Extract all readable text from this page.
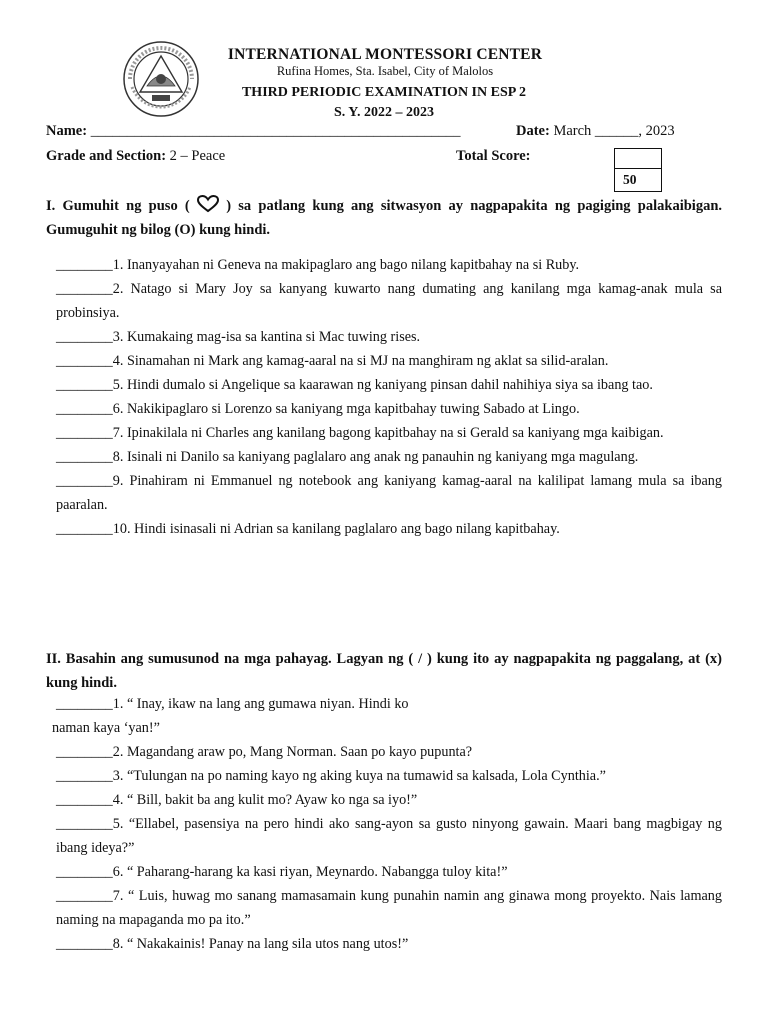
INTERNATIONAL MONTESSORI CENTER
Rufina Homes, Sta. Isabel, City of Malolos
THIRD PERIODIC EXAMINATION IN ESP 2
S. Y. 2022 – 2023
Name: ___________________________________________________	Date: March ______, 2023
Grade and Section: 2 – Peace	Total Score:
50
I. Gumuhit ng puso (	) sa patlang kung ang sitwasyon ay nagpapakita ng pagiging palakaibigan. Gumuguhit ng bilog (O) kung hindi.
________1. Inanyayahan ni Geneva na makipaglaro ang bago nilang kapitbahay na si Ruby.
________2. Natago si Mary Joy sa kanyang kuwarto nang dumating ang kanilang mga kamag-anak mula sa probinsiya.
________3. Kumakaing mag-isa sa kantina si Mac tuwing rises.
________4. Sinamahan ni Mark ang kamag-aaral na si MJ na manghiram ng aklat sa silid-aralan.
________5. Hindi dumalo si Angelique sa kaarawan ng kaniyang pinsan dahil nahihiya siya sa ibang tao.
________6. Nakikipaglaro si Lorenzo sa kaniyang mga kapitbahay tuwing Sabado at Lingo.
________7. Ipinakilala ni Charles ang kanilang bagong kapitbahay na si Gerald sa kaniyang mga kaibigan.
________8. Isinali ni Danilo sa kaniyang paglalaro ang anak ng panauhin ng kaniyang mga magulang.
________9. Pinahiram ni Emmanuel ng notebook ang kaniyang kamag-aaral na kalilipat lamang mula sa ibang paaralan.
________10. Hindi isinasali ni Adrian sa kanilang paglalaro ang bago nilang kapitbahay.
II. Basahin ang sumusunod na mga pahayag. Lagyan ng ( / ) kung ito ay nagpapakita ng paggalang, at (x) kung hindi.
________1. “ Inay, ikaw na lang ang gumawa niyan. Hindi ko
naman kaya ‘yan!”
________2. Magandang araw po, Mang Norman. Saan po kayo pupunta?
________3. “Tulungan na po naming kayo ng aking kuya na tumawid sa kalsada, Lola Cynthia.”
________4. “ Bill, bakit ba ang kulit mo? Ayaw ko nga sa iyo!”
________5. “Ellabel, pasensiya na pero hindi ako sang-ayon sa gusto ninyong gawain. Maari bang magbigay ng ibang ideya?”
________6. “ Paharang-harang ka kasi riyan, Meynardo. Nabangga tuloy kita!”
________7. “ Luis, huwag mo sanang mamasamain kung punahin namin ang ginawa mong proyekto. Nais lamang naming na mapaganda mo pa ito.”
________8. “ Nakakainis! Panay na lang sila utos nang utos!”
